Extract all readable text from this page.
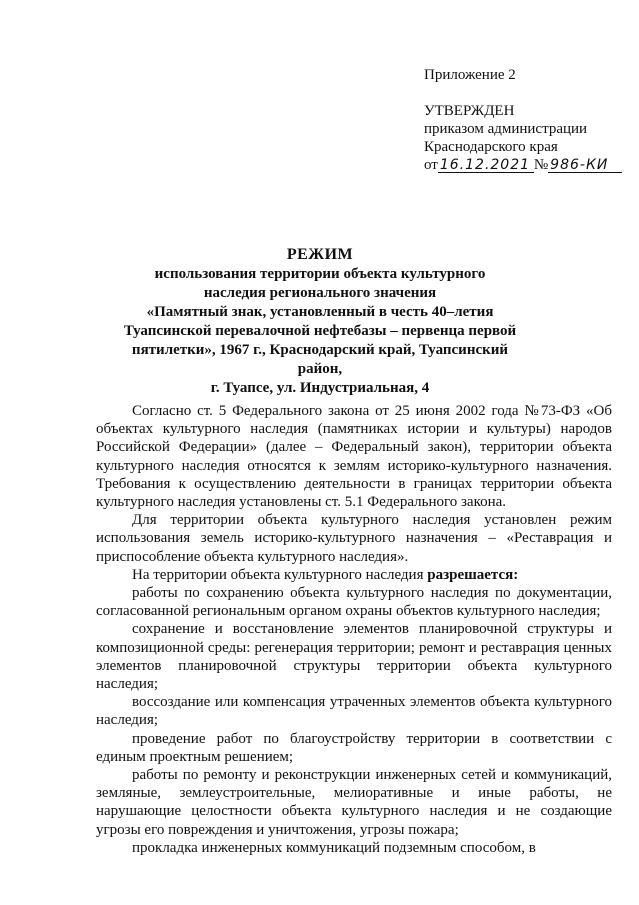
Приложение 2
УТВЕРЖДЕН
приказом администрации
Краснодарского края
от 16.12.2021 № 986-КИ
РЕЖИМ
использования территории объекта культурного
наследия регионального значения
«Памятный знак, установленный в честь 40–летия
Туапсинской перевалочной нефтебазы – первенца первой
пятилетки», 1967 г., Краснодарский край, Туапсинский район,
г. Туапсе, ул. Индустриальная, 4

Согласно ст. 5 Федерального закона от 25 июня 2002 года №73-ФЗ «Об объектах культурного наследия (памятниках истории и культуры) народов Российской Федерации» (далее – Федеральный закон), территории объекта культурного наследия относятся к землям историко-культурного назначения. Требования к осуществлению деятельности в границах территории объекта культурного наследия установлены ст. 5.1 Федерального закона.

Для территории объекта культурного наследия установлен режим использования земель историко-культурного назначения – «Реставрация и приспособление объекта культурного наследия».

На территории объекта культурного наследия разрешается:

работы по сохранению объекта культурного наследия по документации, согласованной региональным органом охраны объектов культурного наследия;

сохранение и восстановление элементов планировочной структуры и композиционной среды: регенерация территории; ремонт и реставрация ценных элементов планировочной структуры территории объекта культурного наследия;

воссоздание или компенсация утраченных элементов объекта культурного наследия;

проведение работ по благоустройству территории в соответствии с единым проектным решением;

работы по ремонту и реконструкции инженерных сетей и коммуникаций, земляные, землеустроительные, мелиоративные и иные работы, не нарушающие целостности объекта культурного наследия и не создающие угрозы его повреждения и уничтожения, угрозы пожара;

прокладка инженерных коммуникаций подземным способом, в
